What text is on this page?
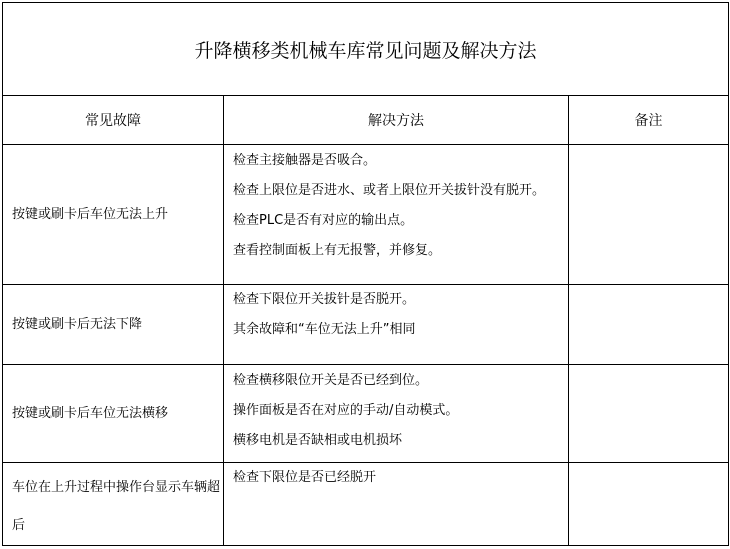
升降横移类机械车库常见问题及解决方法		
常见故障	解决方法	备注
按键或刷卡后车位无法上升	检查主接触器是否吸合。
检查上限位是否进水、或者上限位开关拔针没有脱开。
检查PLC是否有对应的输出点。
查看控制面板上有无报警，并修复。	

按键或刷卡后无法下降	检查下限位开关拔针是否脱开。
其余故障和“车位无法上升”相同	

按键或刷卡后车位无法横移	检查横移限位开关是否已经到位。
操作面板是否在对应的手动/自动模式。
横移电机是否缺相或电机损坏	

车位在上升过程中操作台显示车辆超后	检查下限位是否已经脱开	
